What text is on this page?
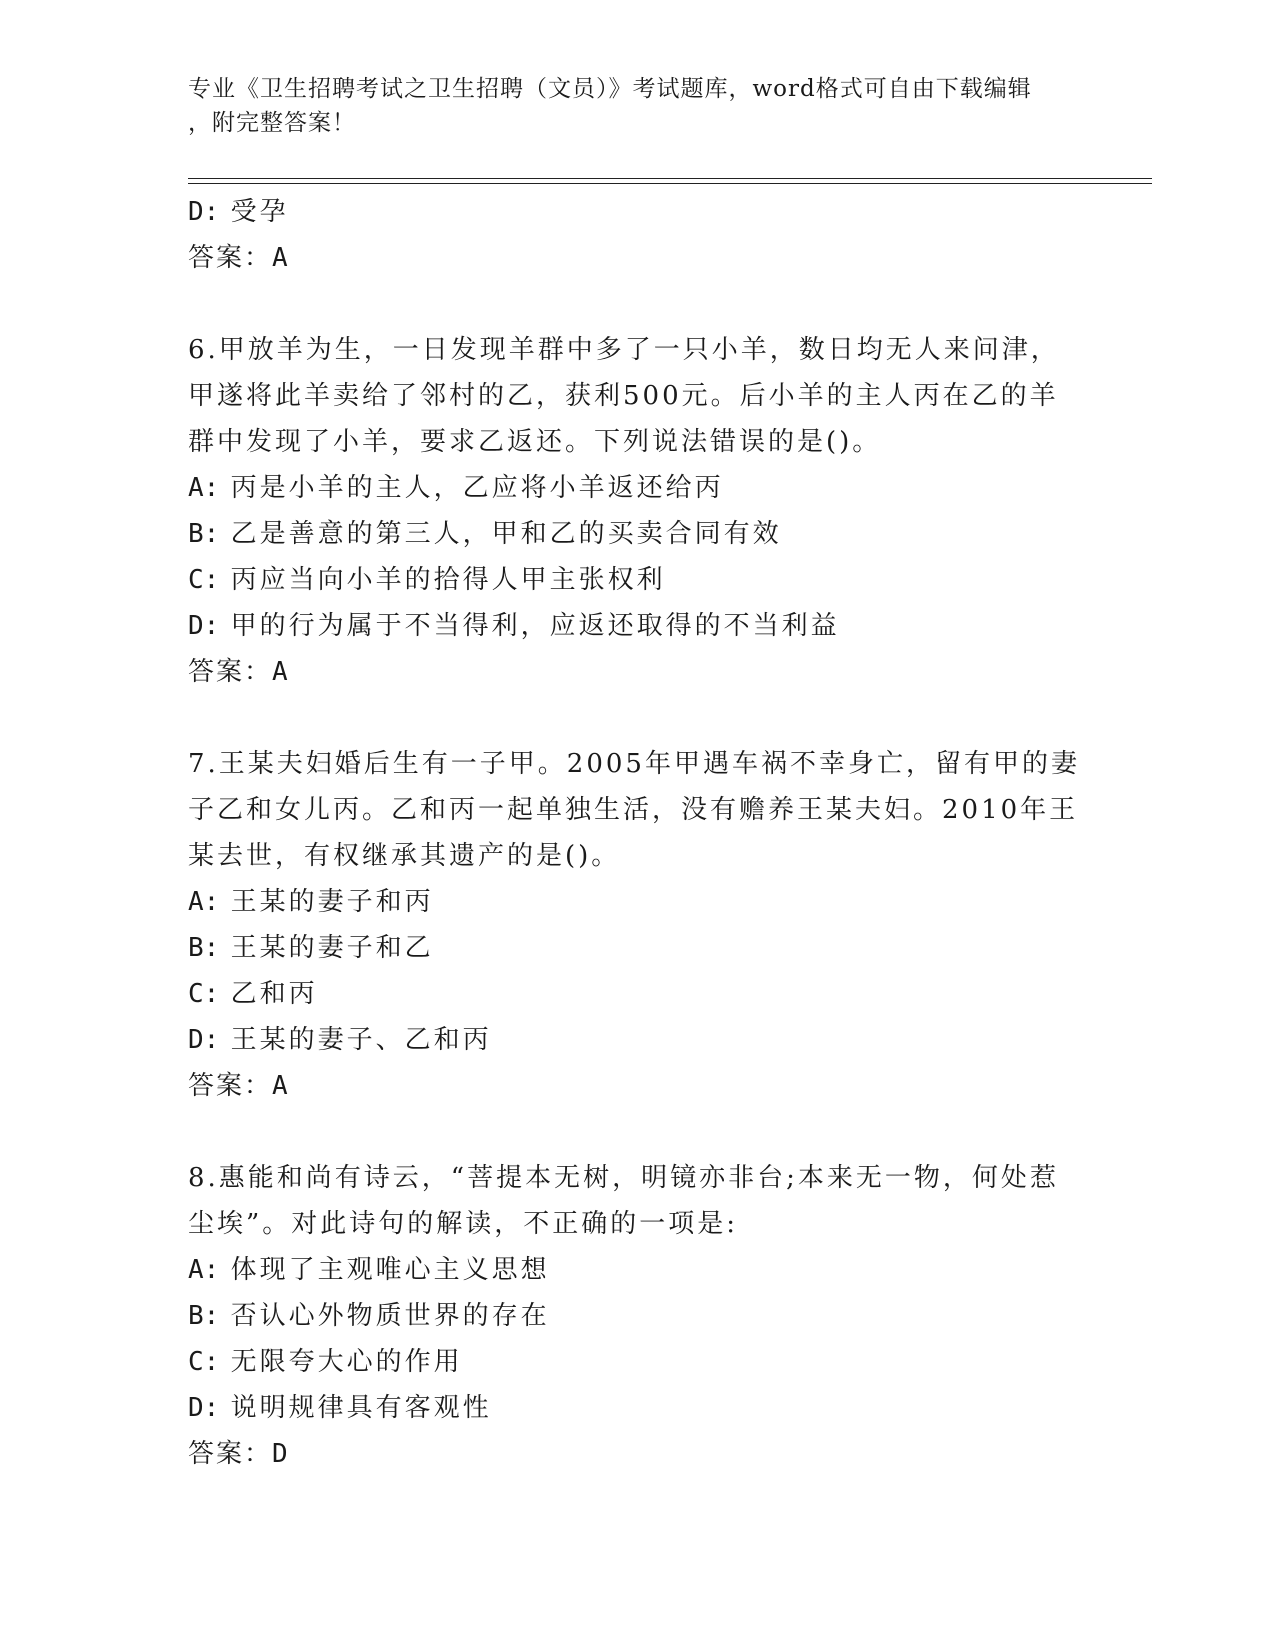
专业《卫生招聘考试之卫生招聘（文员）》考试题库，word格式可自由下载编辑
，附完整答案！
D: 受孕
答案：A
6.甲放羊为生，一日发现羊群中多了一只小羊，数日均无人来问津，
甲遂将此羊卖给了邻村的乙，获利500元。后小羊的主人丙在乙的羊
群中发现了小羊，要求乙返还。下列说法错误的是()。
A: 丙是小羊的主人，乙应将小羊返还给丙
B: 乙是善意的第三人，甲和乙的买卖合同有效
C: 丙应当向小羊的拾得人甲主张权利
D: 甲的行为属于不当得利，应返还取得的不当利益
答案：A
7.王某夫妇婚后生有一子甲。2005年甲遇车祸不幸身亡，留有甲的妻
子乙和女儿丙。乙和丙一起单独生活，没有赡养王某夫妇。2010年王
某去世，有权继承其遗产的是()。
A: 王某的妻子和丙
B: 王某的妻子和乙
C: 乙和丙
D: 王某的妻子、乙和丙
答案：A
8.惠能和尚有诗云，“菩提本无树，明镜亦非台;本来无一物，何处惹
尘埃”。对此诗句的解读，不正确的一项是:
A: 体现了主观唯心主义思想
B: 否认心外物质世界的存在
C: 无限夸大心的作用
D: 说明规律具有客观性
答案：D
